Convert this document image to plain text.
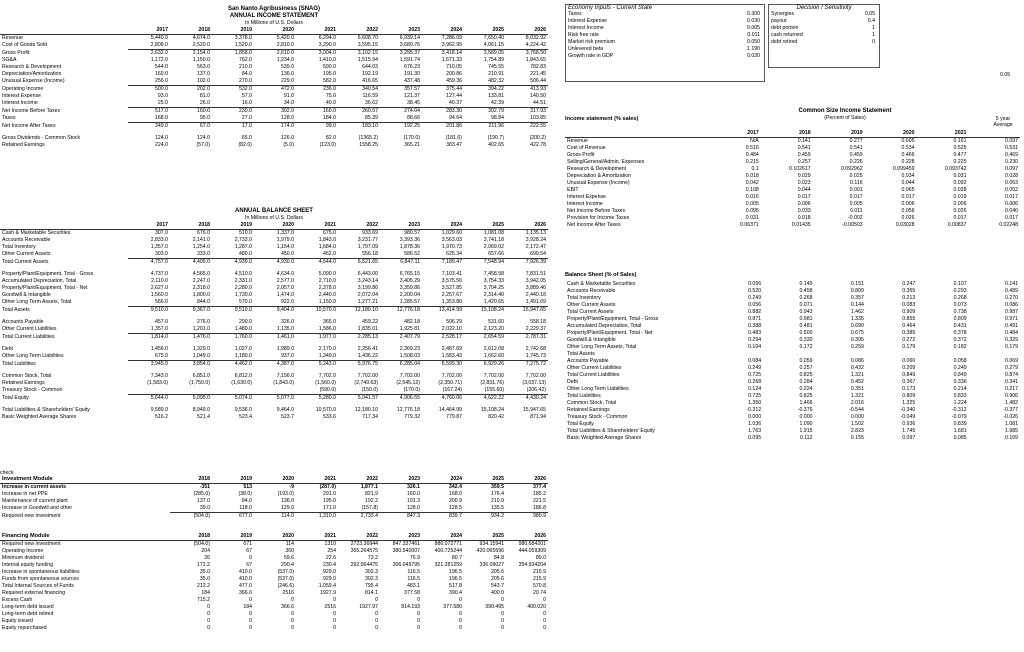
San Nanto Agribusiness (SNAG)
ANNUAL INCOME STATEMENT
In Millions of U.S. Dollars
	2017	2018	2019	2020	2021	2022	2023	2024	2025	2026
Revenue	5,440.0	4,674.0	3,378.0	5,420.0	6,294.0	6,608.70	6,939.14	7,286.09	7,650.40	8,032.92
Cost of Goods Sold	2,808.0	2,520.0	1,520.0	2,810.0	3,290.0	3,595.15	3,680.76	3,962.95	4,061.15	4,224.42
Gross Profit	2,632.0	2,154.0	1,858.0	2,610.0	3,004.0	3,102.15	3,255.37	3,418.14	3,589.05	3,768.50
SG&A	1,172.0	1,150.0	762.0	1,234.0	1,410.0	1,515.94	1,591.74	1,671.33	1,754.89	1,843.65
Research & Development	544.0	563.0	210.0	539.0	590.0	644.03	676.23	710.05	745.55	782.83
Depreciation/Amortization	160.0	137.0	84.0	136.0	195.0	192.19	191.30	200.86	210.91	221.45
Unusual Expense (Income)	256.0	102.0	270.0	229.0	582.0	416.65	437.48	459.36	482.32	506.44
Operating Income	500.0	202.0	532.0	472.0	236.0	340.54	357.57	375.44	394.22	413.93
Interest Expense	93.0	81.0	57.0	91.0	75.0	116.59	121.37	127.44	133.81	140.50
Interest Income	25.0	26.0	16.0	34.0	40.0	36.62	38.45	40.37	42.39	44.51
Net Income Before Taxes	517.0	160.0	230.0	302.0	160.0	260.57	274.04	283.30	302.79	317.93
Taxes	168.0	95.0	27.0	128.0	184.0	85.39	88.66	94.64	98.84	103.85
Net Income After Taxes	349.0	67.0	17.0	174.0	99.0	183.10	192.25	201.86	211.96	222.55

Gross Dividends - Common Stock	124.0	124.0	65.0	126.0	82.0	(1365.2)	(170.0)	(181.6)	(190.7)	(200.2)
Retained Earnings	224.0	(57.0)	(82.0)	(5.0)	(123.0)	1558.25	365.21	383.47	402.65	422.78
ANNUAL BALANCE SHEET
In Millions of U.S. Dollars
	2017	2018	2019	2020	2021	2022	2023	2024	2025	2026
Cash & Marketable Securities	307.0	676.0	510.0	1,337.0	675.0	933.69	980.57	1,029.60	1,081.08	1,135.13
Accounts Receivable	2,833.0	2,141.0	2,733.0	1,979.0	1,843.0	3,231.77	3,393.36	3,563.03	3,741.18	3,928.24
Total Inventory	1,357.0	1,254.0	1,287.0	1,154.0	1,684.0	1,797.09	1,878.36	1,970.73	2,069.02	2,172.47
Other Current Assets	303.0	333.0	480.0	450.0	462.0	556.18	586.52	625.34	657.66	690.54
Total Current Assets	4,757.0	4,405.0	4,939.0	4,930.0	4,644.0	6,521.65	6,847.11	7,189.47	7,548.94	7,926.39

Property/Plant/Equipment, Total - Gross	4,737.0	4,565.0	4,510.0	4,634.0	5,090.0	6,443.00	6,765.15	7,103.41	7,458.58	7,831.51
Accumulated Depreciation, Total	2,110.0	2,247.0	2,331.0	2,577.0	2,710.0	3,243.14	3,405.29	3,575.56	3,754.33	3,942.05
Property/Plant/Equipment, Total - Net	2,627.0	2,318.0	2,280.0	2,057.0	2,378.0	3,199.86	3,359.86	3,527.85	3,704.25	3,889.46
Goodwill & Intangible	1,560.0	1,800.0	1,730.0	1,474.0	2,440.0	2,072.04	2,200.04	2,257.67	2,314.40	2,440.18
Other Long Term Assets, Total	566.0	844.0	570.0	922.0	1,150.0	1,277.21	1,285.57	1,353.80	1,420.65	1,491.69
Total Assets	9,510.0	9,367.0	9,510.0	9,404.0	10,570.0	12,180.10	12,776.18	13,414.99	15,108.24	15,947.65

Accounts Payable	457.0	276.0	290.0	326.0	365.0	459.22	482.18	506.29	531.60	558.18
Other Current Liabilities	1,357.0	1,201.0	1,480.0	1,135.0	1,586.0	1,835.01	1,925.81	2,022.10	2,123.20	2,229.37
Total Current Liabilities	1,814.0	1,476.0	1,760.0	1,461.0	1,977.0	2,285.13	2,407.79	2,528.17	2,654.59	2,787.31

Debt	1,456.0	1,329.0	1,027.0	1,989.0	2,170.0	2,256.41	2,369.23	2,487.69	2,612.08	2,742.68
Other Long Term Liabilities	675.0	1,049.0	1,180.0	937.0	1,349.0	1,436.22	1,508.03	1,583.43	1,662.60	1,745.73
Total Liabilities	3,945.0	3,854.0	4,462.0	4,387.0	5,243.0	5,976.75	6,285.04	6,599.30	6,929.26	7,275.72

Common Stock, Total	7,343.0	6,851.0	6,812.0	7,156.0	7,702.0	7,702.00	7,702.00	7,702.00	7,702.00	7,702.00
Retained Earnings	(1,583.0)	(1,750.0)	(1,630.0)	(1,843.0)	(1,560.0)	(2,749.63)	(2,545.12)	(2,350.71)	(2,831.76)	(3,037.13)
Treasury Stock - Common					(590.0)	(150.0)	(170.0)	(167.24)	(155.60)	(206.42)
Total Equity	5,644.0	5,095.0	5,074.0	5,077.0	5,280.0	5,041.57	4,906.55	4,760.06	4,622.22	4,430.24

Total Liabilities & Shareholders' Equity	9,589.0	8,949.0	9,536.0	9,464.0	10,570.0	12,180.10	12,776.18	14,464.99	15,108.24	15,947.65
Basic Weighted Average Shares	516.2	521.4	523.4	523.7	533.6	717.34	779.32	779.87	820.42	871.94
check
Investment Module		2018	2019	2020	2021	2022	2023	2024	2025	2026
Increase in current assets		-351	513	-9	(287.0)	1,877.1	326.1	342.4	359.5	377.4
Increase in net PPE		(285.0)	(38.0)	(193.0)	291.0	821.9	160.0	168.0	176.4	185.2
Maintenance of current plant		137.0	84.0	136.0	195.0	192.2	191.3	200.9	210.9	221.5
Increase in Goodwill and other		39.0	118.0	129.0	171.0	(157.8)	128.0	128.5	135.5	186.8
Required new investment		(504.0)	677.0	114.0	1,310.0	2,733.4	847.3	839.7	934.2	980.9
Financing Module		2018	2019	2020	2021	2022	2023	2024	2025	2026
Required new investment		(504.0)	671	114	1310	2723.36944	847.337461	886.072771	934.15941	980.684201
Operating Income		204	67	360	254	365.264575	380.540007	400.725244	420.065596	444.059309
Minimum dividend		26	0	59.6	22.6	73.2	76.9	80.7	84.8	89.0
Internal equity funding		172.2	67	290.4	230.4	292.064475	306.049795	321.281259	336.09027	354.934204
Increase in spontaneous liabilities		35.0	410.0	(537.0)	929.0	302.3	116.5	196.5	205.6	215.9
Funds from spontaneous sources		35.0	410.0	(537.0)	929.0	302.3	116.5	196.5	205.6	215.9
Total Internal Sources of Funds		212.2	477.0	(246.6)	1,059.4	795.4	483.1	517.8	543.7	570.8
Required external financing		184	366.6	2516	1927.9	814.1	377.58	390.4	400.0	20.74
Excess Cash		715.2	0	0	0	0	0	0	0	0
Long-term debt issued		0	184	366.6	2516	1927.97	814.193	377.580	390.495	400.020
Long-term debt retired		0	0	0	0	0	0	0	0	0
Equity issued		0	0	0	0	0	0	0	0	0
Equity repurchased		0	0	0	0	0	0	0	0	0
Economy Inputs - Current State
Taxes	0.300
Interest Expense	0.030
Interest Income	0.005
Risk free rate	0.011
Market risk premium	0.050
Unlevered beta	1.190
Growth rate in GDP	0.030
Decision / Sensitivity
Synergies	0.05
payout	0.4
debt portion	1
cash returned	1
debt retired	0
0.05
Income statement (% sales)
Common Size Income Statement
(Percent of Sales)	5 year Average
	2017	2018	2019	2020	2021	
Revenue	N/A	0.141	0.277	0.605	0.161	0.097
Cost of Revenue	0.516	0.541	0.541	0.534	0.525	0.531
Gross Profit	0.484	0.459	0.459	0.466	0.477	0.469
Selling/General/Admin. Expenses	0.215	0.257	0.226	0.228	0.225	0.230
Research & Development	0.1	0.102617	0.092962	0.099459	0.093742	0.097
Depreciation & Amortization	0.018	0.029	0.025	0.034	0.031	0.028
Unusual Expense (Income)	0.042	0.023	0.116	0.044	0.092	0.063
EBIT	0.108	0.044	0.001	0.065	0.038	0.052
Interest Expense	0.016	0.017	0.017	0.017	0.019	0.017
Interest Income	0.005	0.006	0.005	0.006	0.006	0.006
Net Income Before Taxes	0.095	0.033	0.011	0.056	0.026	0.040
Provision for Income Taxes	0.031	0.018	-0.002	0.026	0.017	0.017
Net Income After Taxes	0.06371	0.01435	-0.00503	0.03028	0.00837	0.02248
Balance Sheet (% of Sales)
Cash & Marketable Securities	0.056	0.145	0.151	0.247	0.107	0.141
Accounts Receivable	0.520	0.458	0.809	0.365	0.293	0.489
Total Inventory	0.249	0.268	0.357	0.213	0.268	0.270
Other Current Assets	0.056	0.071	0.144	0.083	0.073	0.086
Total Current Assets	0.882	0.943	1.462	0.909	0.738	0.987
Property/Plant/Equipment, Total - Gross	0.871	0.981	1.335	0.855	0.809	0.971
Accumulated Depreciation, Total	0.388	0.481	0.690	0.464	0.431	0.491
Property/Plant/Equipment, Total - Net	0.483	0.500	0.675	0.385	0.378	0.484
Goodwill & Intangible	0.294	0.330	0.395	0.272	0.372	0.329
Other Long Term Assets, Total	0.104	0.172	0.259	0.179	0.182	0.179
Total Assets						
Accounts Payable	0.084	0.059	0.086	0.060	0.058	0.069
Other Current Liabilities	0.249	0.257	0.432	0.209	0.249	0.279
Total Current Liabilities	0.725	0.825	1.321	0.849	0.849	0.874
Debt	0.268	0.284	0.452	0.367	0.336	0.341
Other Long Term Liabilities	0.124	0.224	0.351	0.173	0.214	0.217
Total Liabilities	0.725	0.825	1.321	0.809	0.833	0.906
Common Stock, Total	1.350	1.466	2.016	1.325	1.224	1.482
Retained Earnings	-0.312	-0.376	-0.544	-0.340	-0.312	-0.377
Treasury Stock - Common	0.000	0.000	0.000	-0.049	-0.079	-0.026
Total Equity	1.036	1.090	1.502	0.936	0.839	1.081
Total Liabilities & Shareholders' Equity	1.763	1.915	2.823	1.745	1.681	1.985
Basic Weighted Average Shares	0.095	0.112	0.155	0.097	0.085	0.109
